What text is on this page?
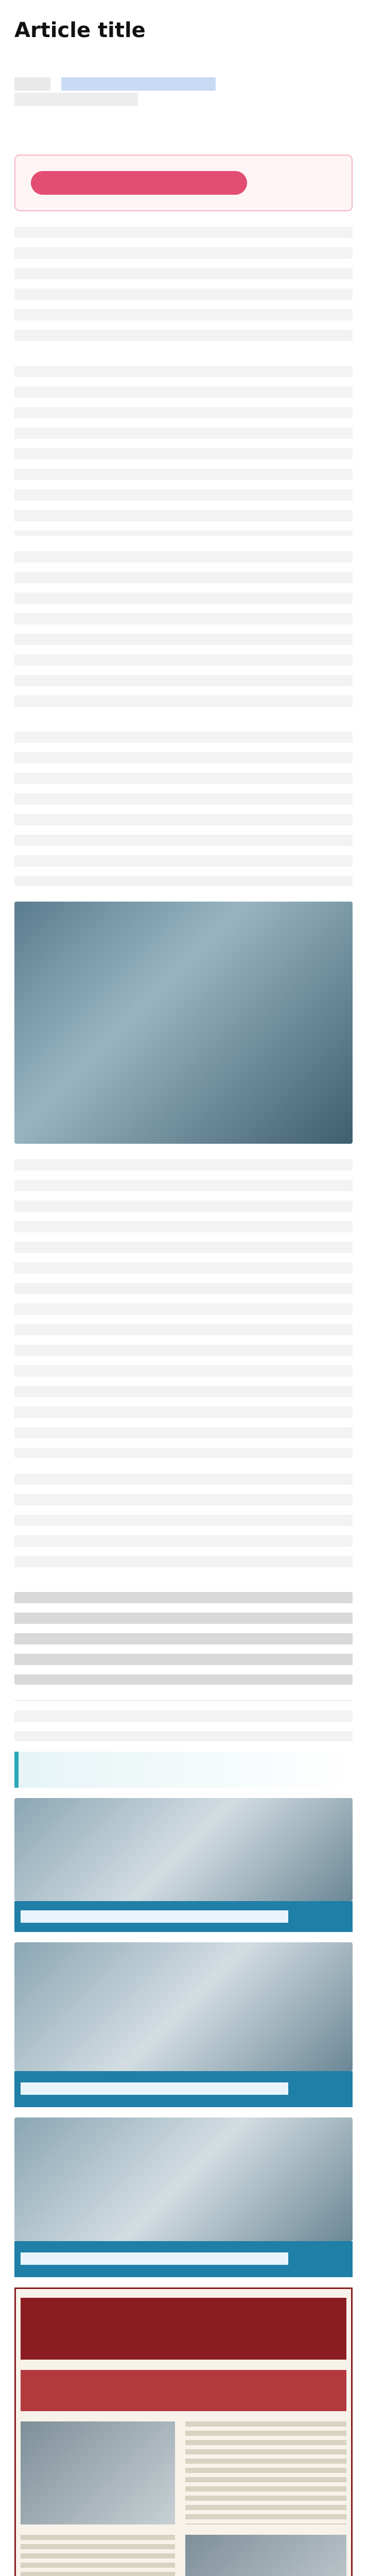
Article title
